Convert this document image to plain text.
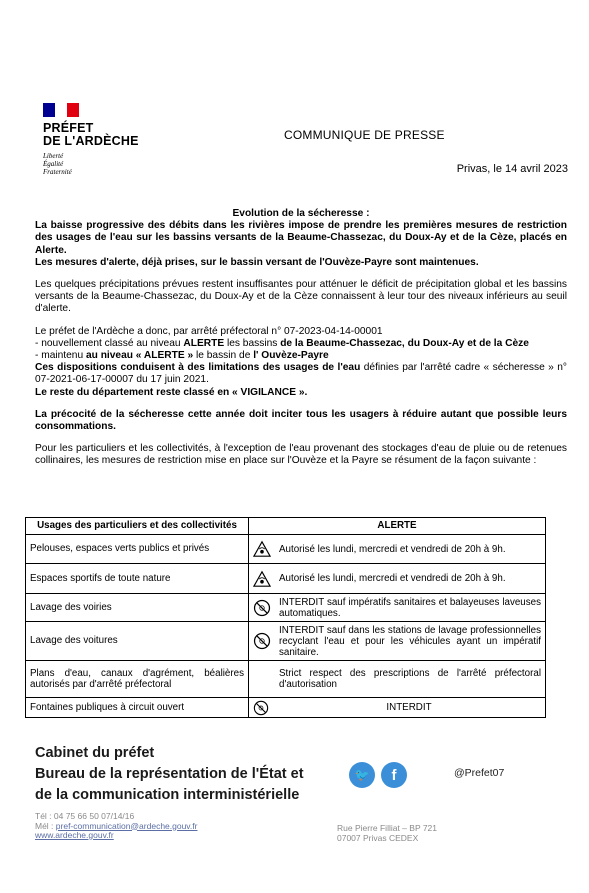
PRÉFET
DE L'ARDÈCHE
Liberté
Égalité
Fraternité
COMMUNIQUE DE PRESSE
Privas, le 14 avril 2023
Evolution de la sécheresse :

La baisse progressive des débits dans les rivières impose de prendre les premières mesures de restriction des usages de l'eau sur les bassins versants de la Beaume-Chassezac, du Doux-Ay et de la Cèze, placés en Alerte.

Les mesures d'alerte, déjà prises, sur le bassin versant de l'Ouvèze-Payre sont maintenues.

Les quelques précipitations prévues restent insuffisantes pour atténuer le déficit de précipitation global et les bassins versants de la Beaume-Chassezac, du Doux-Ay et de la Cèze connaissent à leur tour des niveaux inférieurs au seuil d'alerte.

Le préfet de l'Ardèche a donc, par arrêté préfectoral n° 07-2023-04-14-00001

- nouvellement classé au niveau ALERTE les bassins de la Beaume-Chassezac, du Doux-Ay et de la Cèze

- maintenu au niveau « ALERTE » le bassin de l' Ouvèze-Payre

Ces dispositions conduisent à des limitations des usages de l'eau définies par l'arrêté cadre « sécheresse » n° 07-2021-06-17-00007 du 17 juin 2021.

Le reste du département reste classé en « VIGILANCE ».

La précocité de la sécheresse cette année doit inciter tous les usagers à réduire autant que possible leurs consommations.

Pour les particuliers et les collectivités, à l'exception de l'eau provenant des stockages d'eau de pluie ou de retenues collinaires, les mesures de restriction mise en place sur l'Ouvèze et la Payre se résument de la façon suivante :

Usages des particuliers et des collectivités	ALERTE
Pelouses, espaces verts publics et privés	Autorisé les lundi, mercredi et vendredi de 20h à 9h.

Espaces sportifs de toute nature	Autorisé les lundi, mercredi et vendredi de 20h à 9h.

Lavage des voiries	INTERDIT sauf impératifs sanitaires et balayeuses laveuses automatiques.

Lavage des voitures	INTERDIT sauf dans les stations de lavage professionnelles recyclant l'eau et pour les véhicules ayant un impératif sanitaire.

Plans d'eau, canaux d'agrément, béalières autorisés par d'arrêté préfectoral	Strict respect des prescriptions de l'arrêté préfectoral d'autorisation

Fontaines publiques à circuit ouvert	INTERDIT
Cabinet du préfet
Bureau de la représentation de l'État et
de la communication interministérielle
🐦	f	@Prefet07
Tél : 04 75 66 50 07/14/16
Mél : pref-communication@ardeche.gouv.fr
www.ardeche.gouv.fr
Rue Pierre Filliat – BP 721
07007 Privas CEDEX
